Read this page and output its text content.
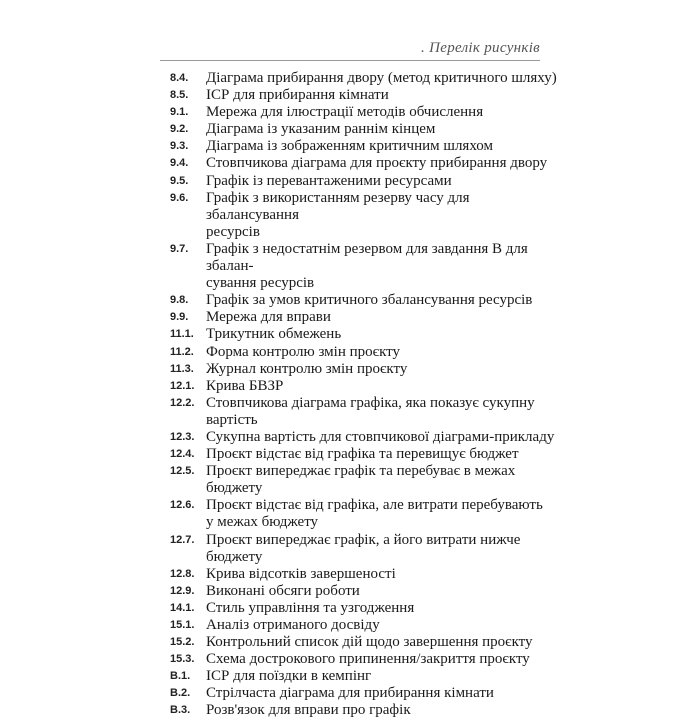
. Перелік рисунків
8.4.	Діаграма прибирання двору (метод критичного шляху)
8.5.	ІСР для прибирання кімнати
9.1.	Мережа для ілюстрації методів обчислення
9.2.	Діаграма із указаним раннім кінцем
9.3.	Діаграма із зображенням критичним шляхом
9.4.	Стовпчикова діаграма для проєкту прибирання двору
9.5.	Графік із перевантаженими ресурсами
9.6.	Графік з використанням резерву часу для збалансування
ресурсів
9.7.	Графік з недостатнім резервом для завдання В для збалан-
сування ресурсів
9.8.	Графік за умов критичного збалансування ресурсів
9.9.	Мережа для вправи
11.1. Трикутник обмежень
11.2. Форма контролю змін проєкту
11.3. Журнал контролю змін проєкту
12.1. Крива БВЗР
12.2. Стовпчикова діаграма графіка, яка показує сукупну вартість
12.3. Сукупна вартість для стовпчикової діаграми-прикладу
12.4. Проєкт відстає від графіка та перевищує бюджет
12.5. Проєкт випереджає графік та перебуває в межах бюджету
12.6. Проєкт відстає від графіка, але витрати перебувають
у межах бюджету
12.7. Проєкт випереджає графік, а його витрати нижче бюджету
12.8. Крива відсотків завершеності
12.9. Виконані обсяги роботи
14.1. Стиль управління та узгодження
15.1. Аналіз отриманого досвіду
15.2. Контрольний список дій щодо завершення проєкту
15.3. Схема дострокового припинення/закриття проєкту
В.1.	ІСР для поїздки в кемпінг
В.2.	Стрілчаста діаграма для прибирання кімнати
В.3.	Розв'язок для вправи про графік
